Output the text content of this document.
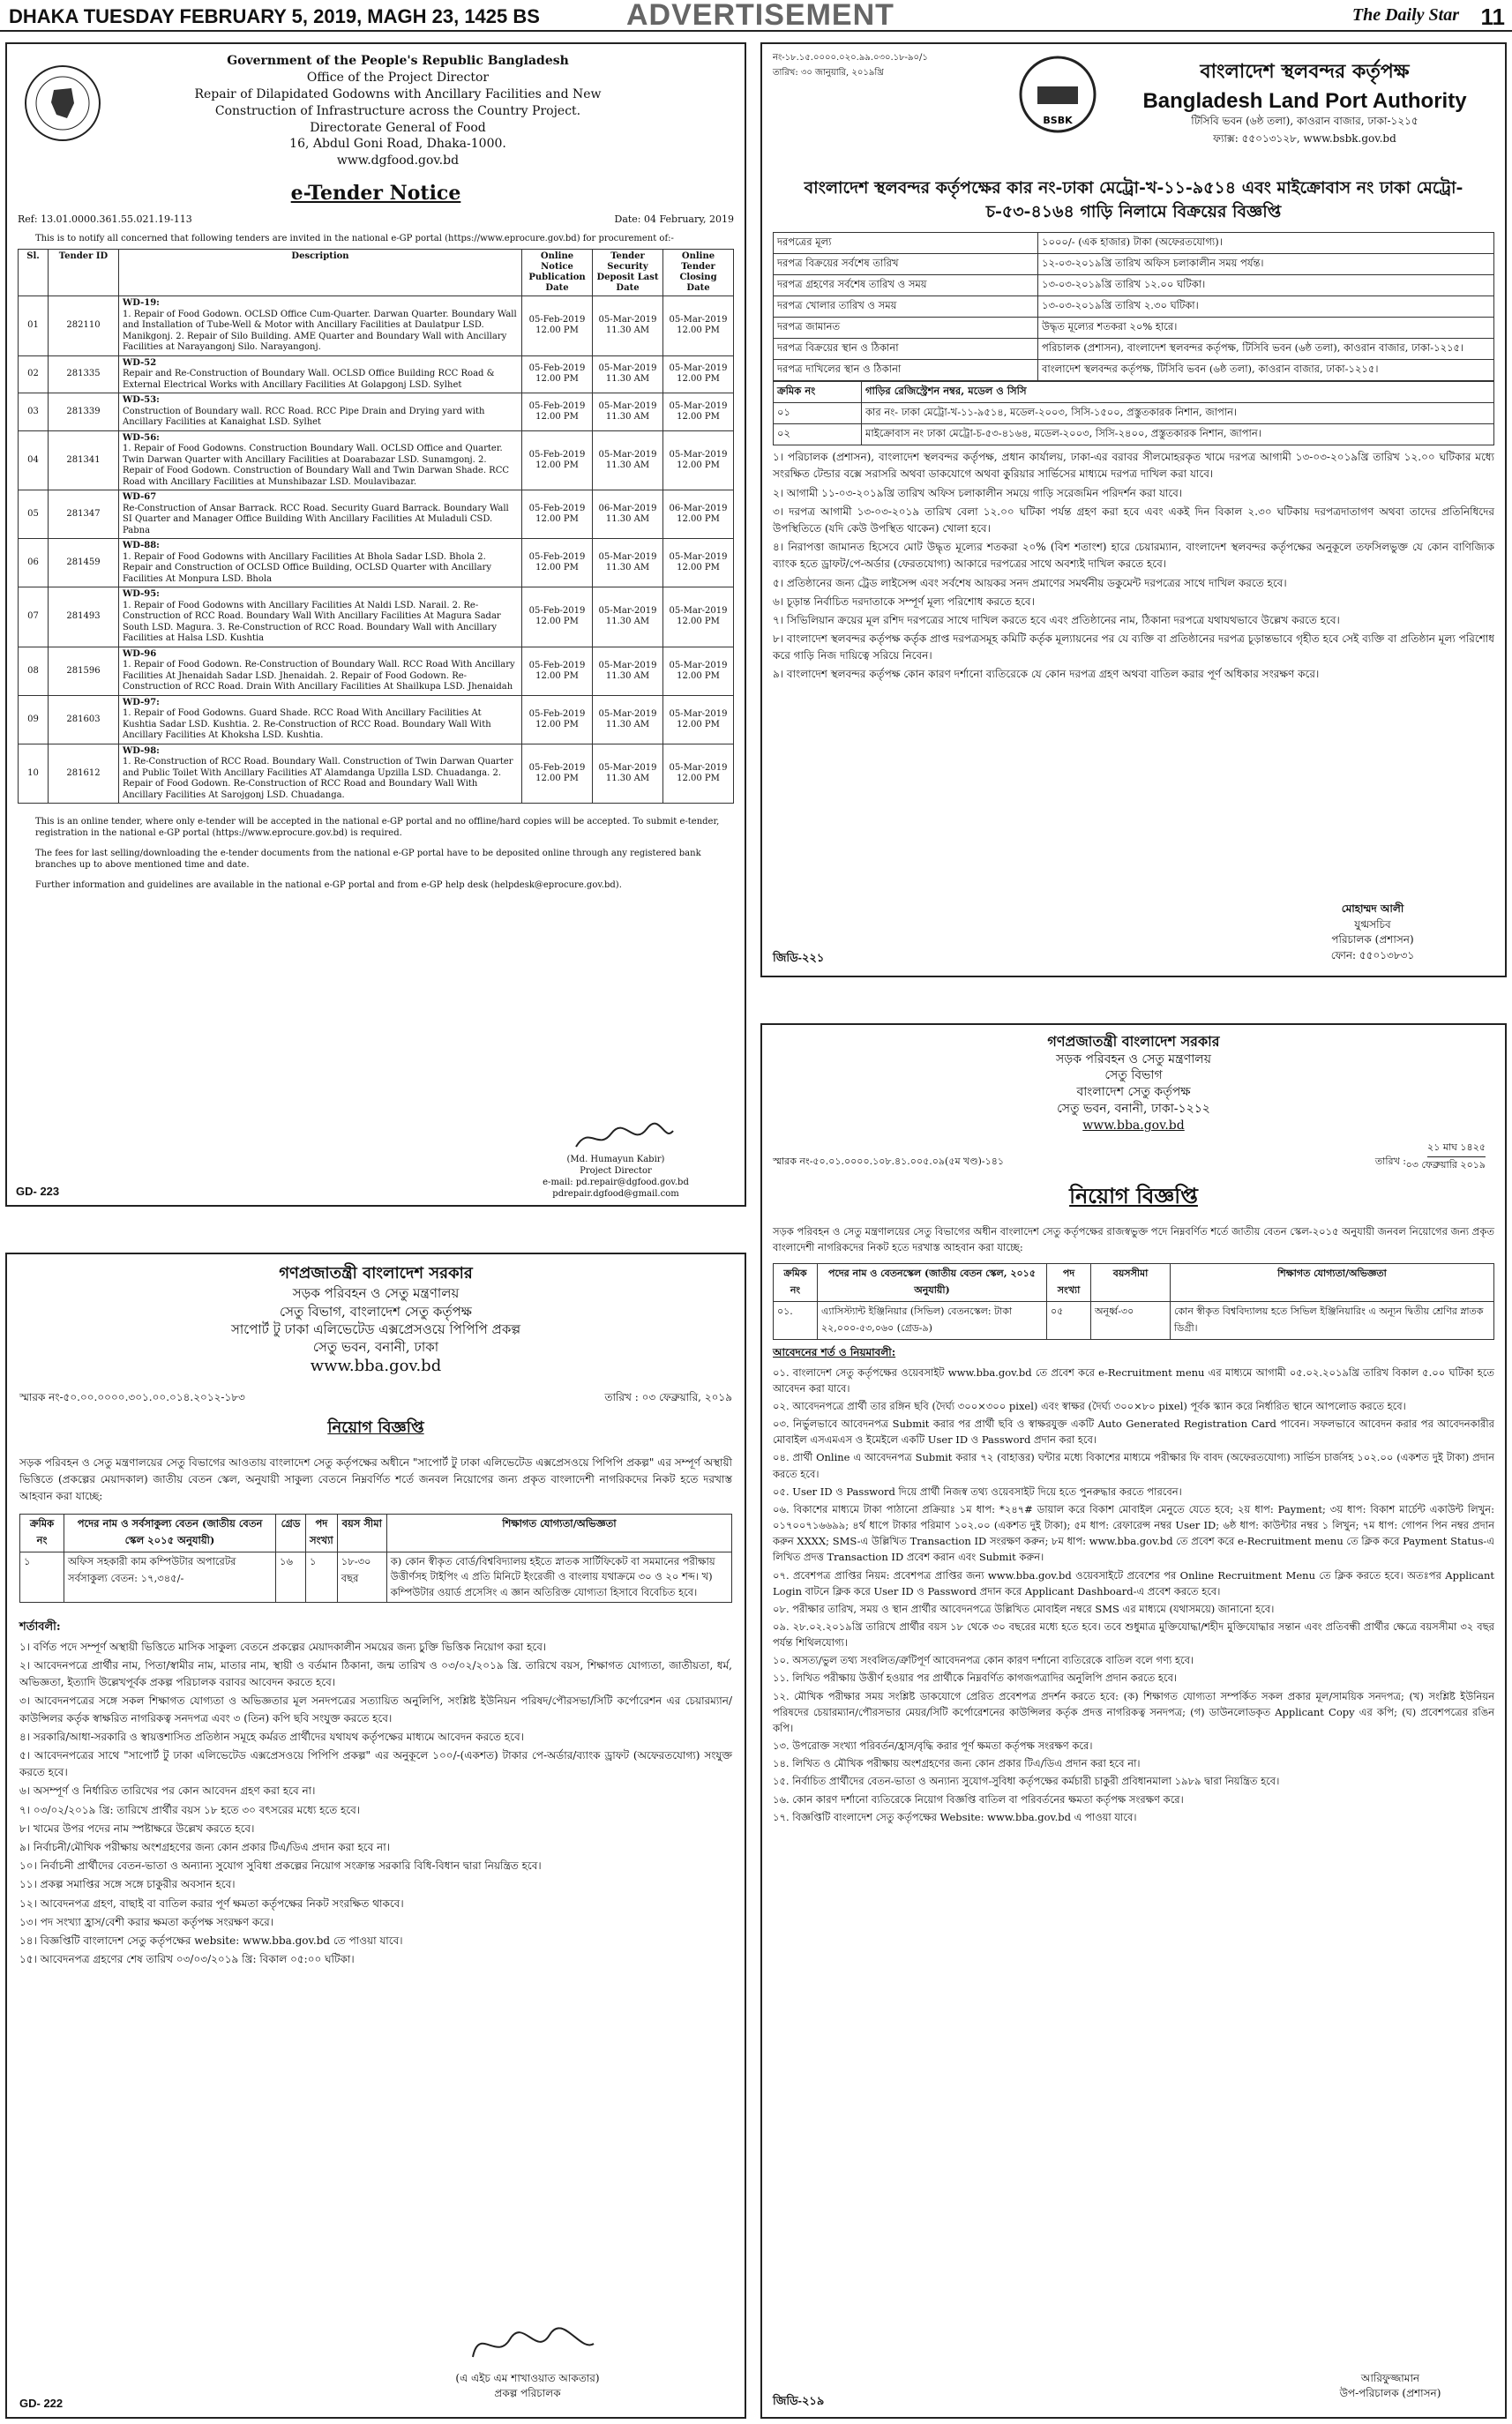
DHAKA TUESDAY FEBRUARY 5, 2019, MAGH 23, 1425 BS	ADVERTISEMENT	The Daily Star 11
Government of the People's Republic Bangladesh
Office of the Project Director
Repair of Dilapidated Godowns with Ancillary Facilities and New
Construction of Infrastructure across the Country Project.
Directorate General of Food
16, Abdul Goni Road, Dhaka-1000.
www.dgfood.gov.bd
e-Tender Notice
Ref: 13.01.0000.361.55.021.19-113	Date: 04 February, 2019
This is to notify all concerned that following tenders are invited in the national e-GP portal (https://www.eprocure.gov.bd) for procurement of:-
Sl.	Tender ID	Description	Online Notice Publication Date	Tender Security Deposit Last Date	Online Tender Closing Date
01	282110	WD-19:
1. Repair of Food Godown. OCLSD Office Cum-Quarter. Darwan Quarter. Boundary Wall and Installation of Tube-Well & Motor with Ancillary Facilities at Daulatpur LSD. Manikgonj. 2. Repair of Silo Building. AME Quarter and Boundary Wall with Ancillary Facilities at Narayangonj Silo. Narayangonj.	05-Feb-2019 12.00 PM	05-Mar-2019 11.30 AM	05-Mar-2019 12.00 PM
02	281335	WD-52
Repair and Re-Construction of Boundary Wall. OCLSD Office Building RCC Road & External Electrical Works with Ancillary Facilities At Golapgonj LSD. Sylhet	05-Feb-2019 12.00 PM	05-Mar-2019 11.30 AM	05-Mar-2019 12.00 PM
03	281339	WD-53:
Construction of Boundary wall. RCC Road. RCC Pipe Drain and Drying yard with Ancillary Facilities at Kanaighat LSD. Sylhet	05-Feb-2019 12.00 PM	05-Mar-2019 11.30 AM	05-Mar-2019 12.00 PM
04	281341	WD-56:
1. Repair of Food Godowns. Construction Boundary Wall. OCLSD Office and Quarter. Twin Darwan Quarter with Ancillary Facilities at Doarabazar LSD. Sunamgonj. 2. Repair of Food Godown. Construction of Boundary Wall and Twin Darwan Shade. RCC Road with Ancillary Facilities at Munshibazar LSD. Moulavibazar.	05-Feb-2019 12.00 PM	05-Mar-2019 11.30 AM	05-Mar-2019 12.00 PM
05	281347	WD-67
Re-Construction of Ansar Barrack. RCC Road. Security Guard Barrack. Boundary Wall SI Quarter and Manager Office Building With Ancillary Facilities At Muladuli CSD. Pabna	05-Feb-2019 12.00 PM	06-Mar-2019 11.30 AM	06-Mar-2019 12.00 PM
06	281459	WD-88:
1. Repair of Food Godowns with Ancillary Facilities At Bhola Sadar LSD. Bhola 2. Repair and Construction of OCLSD Office Building, OCLSD Quarter with Ancillary Facilities At Monpura LSD. Bhola	05-Feb-2019 12.00 PM	05-Mar-2019 11.30 AM	05-Mar-2019 12.00 PM
07	281493	WD-95:
1. Repair of Food Godowns with Ancillary Facilities At Naldi LSD. Narail. 2. Re-Construction of RCC Road. Boundary Wall With Ancillary Facilities At Magura Sadar South LSD. Magura. 3. Re-Construction of RCC Road. Boundary Wall with Ancillary Facilities at Halsa LSD. Kushtia	05-Feb-2019 12.00 PM	05-Mar-2019 11.30 AM	05-Mar-2019 12.00 PM
08	281596	WD-96
1. Repair of Food Godown. Re-Construction of Boundary Wall. RCC Road With Ancillary Facilities At Jhenaidah Sadar LSD. Jhenaidah. 2. Repair of Food Godown. Re-Construction of RCC Road. Drain With Ancillary Facilities At Shailkupa LSD. Jhenaidah	05-Feb-2019 12.00 PM	05-Mar-2019 11.30 AM	05-Mar-2019 12.00 PM
09	281603	WD-97:
1. Repair of Food Godowns. Guard Shade. RCC Road With Ancillary Facilities At Kushtia Sadar LSD. Kushtia. 2. Re-Construction of RCC Road. Boundary Wall With Ancillary Facilities At Khoksha LSD. Kushtia.	05-Feb-2019 12.00 PM	05-Mar-2019 11.30 AM	05-Mar-2019 12.00 PM
10	281612	WD-98:
1. Re-Construction of RCC Road. Boundary Wall. Construction of Twin Darwan Quarter and Public Toilet With Ancillary Facilities AT Alamdanga Upzilla LSD. Chuadanga. 2. Repair of Food Godown. Re-Construction of RCC Road and Boundary Wall With Ancillary Facilities At Sarojgonj LSD. Chuadanga.	05-Feb-2019 12.00 PM	05-Mar-2019 11.30 AM	05-Mar-2019 12.00 PM

This is an online tender, where only e-tender will be accepted in the national e-GP portal and no offline/hard copies will be accepted. To submit e-tender, registration in the national e-GP portal (https://www.eprocure.gov.bd) is required.

The fees for last selling/downloading the e-tender documents from the national e-GP portal have to be deposited online through any registered bank branches up to above mentioned time and date.

Further information and guidelines are available in the national e-GP portal and from e-GP help desk (helpdesk@eprocure.gov.bd).

(Md. Humayun Kabir)
Project Director
e-mail: pd.repair@dgfood.gov.bd
pdrepair.dgfood@gmail.com
GD- 223
নং-১৮.১৫.০০০০.০২০.৯৯.০৩০.১৮-৯০/১
তারিখ: ৩০ জানুয়ারি, ২০১৯খ্রি
BSBK
বাংলাদেশ স্থলবন্দর কর্তৃপক্ষ
Bangladesh Land Port Authority
টিসিবি ভবন (৬ষ্ঠ তলা), কাওরান বাজার, ঢাকা-১২১৫
ফ্যাক্স: ৫৫০১৩১২৮, www.bsbk.gov.bd
বাংলাদেশ স্থলবন্দর কর্তৃপক্ষের কার নং-ঢাকা মেট্রো-খ-১১-৯৫১৪ এবং মাইক্রোবাস নং ঢাকা মেট্রো-চ-৫৩-৪১৬৪ গাড়ি নিলামে বিক্রয়ের বিজ্ঞপ্তি
দরপত্রের মূল্য	১০০০/- (এক হাজার) টাকা (অফেরতযোগ্য)।
দরপত্র বিক্রয়ের সর্বশেষ তারিখ	১২-০৩-২০১৯খ্রি তারিখ অফিস চলাকালীন সময় পর্যন্ত।
দরপত্র গ্রহণের সর্বশেষ তারিখ ও সময়	১৩-০৩-২০১৯খ্রি তারিখ ১২.০০ ঘটিকা।
দরপত্র খোলার তারিখ ও সময়	১৩-০৩-২০১৯খ্রি তারিখ ২.৩০ ঘটিকা।
দরপত্র জামানত	উদ্ধৃত মূল্যের শতকরা ২০% হারে।
দরপত্র বিক্রয়ের স্থান ও ঠিকানা	পরিচালক (প্রশাসন), বাংলাদেশ স্থলবন্দর কর্তৃপক্ষ, টিসিবি ভবন (৬ষ্ঠ তলা), কাওরান বাজার, ঢাকা-১২১৫।
দরপত্র দাখিলের স্থান ও ঠিকানা	বাংলাদেশ স্থলবন্দর কর্তৃপক্ষ, টিসিবি ভবন (৬ষ্ঠ তলা), কাওরান বাজার, ঢাকা-১২১৫।
ক্রমিক নং	গাড়ির রেজিস্ট্রেশন নম্বর, মডেল ও সিসি
০১	কার নং- ঢাকা মেট্রো-খ-১১-৯৫১৪, মডেল-২০০৩, সিসি-১৫০০, প্রস্তুতকারক নিশান, জাপান।
০২	মাইক্রোবাস নং ঢাকা মেট্রো-চ-৫৩-৪১৬৪, মডেল-২০০৩, সিসি-২৪০০, প্রস্তুতকারক নিশান, জাপান।

১। পরিচালক (প্রশাসন), বাংলাদেশ স্থলবন্দর কর্তৃপক্ষ, প্রধান কার্যালয়, ঢাকা-এর বরাবর সীলমোহরকৃত খামে দরপত্র আগামী ১৩-০৩-২০১৯খ্রি তারিখ ১২.০০ ঘটিকার মধ্যে সংরক্ষিত টেন্ডার বক্সে সরাসরি অথবা ডাকযোগে অথবা কুরিয়ার সার্ভিসের মাধ্যমে দরপত্র দাখিল করা যাবে।

২। আগামী ১১-০৩-২০১৯খ্রি তারিখ অফিস চলাকালীন সময়ে গাড়ি সরেজমিন পরিদর্শন করা যাবে।

৩। দরপত্র আগামী ১৩-০৩-২০১৯ তারিখ বেলা ১২.০০ ঘটিকা পর্যন্ত গ্রহণ করা হবে এবং একই দিন বিকাল ২.৩০ ঘটিকায় দরপত্রদাতাগণ অথবা তাদের প্রতিনিধিদের উপস্থিতিতে (যদি কেউ উপস্থিত থাকেন) খোলা হবে।

৪। নিরাপত্তা জামানত হিসেবে মোট উদ্ধৃত মূল্যের শতকরা ২০% (বিশ শতাংশ) হারে চেয়ারম্যান, বাংলাদেশ স্থলবন্দর কর্তৃপক্ষের অনুকূলে তফসিলভুক্ত যে কোন বাণিজ্যিক ব্যাংক হতে ড্রাফট/পে-অর্ডার (ফেরতযোগ্য) আকারে দরপত্রের সাথে অবশ্যই দাখিল করতে হবে।

৫। প্রতিষ্ঠানের জন্য ট্রেড লাইসেন্স এবং সর্বশেষ আয়কর সনদ প্রমাণের সমর্থনীয় ডকুমেন্ট দরপত্রের সাথে দাখিল করতে হবে।

৬। চূড়ান্ত নির্বাচিত দরদাতাকে সম্পূর্ণ মূল্য পরিশোধ করতে হবে।

৭। সিভিলিয়ান ক্রয়ের মূল রশিদ দরপত্রের সাথে দাখিল করতে হবে এবং প্রতিষ্ঠানের নাম, ঠিকানা দরপত্রে যথাযথভাবে উল্লেখ করতে হবে।

৮। বাংলাদেশ স্থলবন্দর কর্তৃপক্ষ কর্তৃক প্রাপ্ত দরপত্রসমূহ কমিটি কর্তৃক মূল্যায়নের পর যে ব্যক্তি বা প্রতিষ্ঠানের দরপত্র চূড়ান্তভাবে গৃহীত হবে সেই ব্যক্তি বা প্রতিষ্ঠান মূল্য পরিশোধ করে গাড়ি নিজ দায়িত্বে সরিয়ে নিবেন।

৯। বাংলাদেশ স্থলবন্দর কর্তৃপক্ষ কোন কারণ দর্শানো ব্যতিরেকে যে কোন দরপত্র গ্রহণ অথবা বাতিল করার পূর্ণ অধিকার সংরক্ষণ করে।

মোহাম্মদ আলী
যুগ্মসচিব
পরিচালক (প্রশাসন)
ফোন: ৫৫০১৩৮৩১
জিডি-২২১
গণপ্রজাতন্ত্রী বাংলাদেশ সরকার
সড়ক পরিবহন ও সেতু মন্ত্রণালয়
সেতু বিভাগ, বাংলাদেশ সেতু কর্তৃপক্ষ
সাপোর্ট টু ঢাকা এলিভেটেড এক্সপ্রেসওয়ে পিপিপি প্রকল্প
সেতু ভবন, বনানী, ঢাকা
www.bba.gov.bd
স্মারক নং-৫০.০০.০০০০.৩০১.০০.০১৪.২০১২-১৮৩	তারিখ : ০৩ ফেব্রুয়ারি, ২০১৯
নিয়োগ বিজ্ঞপ্তি
সড়ক পরিবহন ও সেতু মন্ত্রণালয়ের সেতু বিভাগের আওতায় বাংলাদেশ সেতু কর্তৃপক্ষের অধীনে "সাপোর্ট টু ঢাকা এলিভেটেড এক্সপ্রেসওয়ে পিপিপি প্রকল্প" এর সম্পূর্ণ অস্থায়ী ভিত্তিতে (প্রকল্পের মেয়াদকাল) জাতীয় বেতন স্কেল, অনুযায়ী সাকুল্য বেতনে নিম্নবর্ণিত শর্তে জনবল নিয়োগের জন্য প্রকৃত বাংলাদেশী নাগরিকদের নিকট হতে দরখাস্ত আহবান করা যাচ্ছে:
ক্রমিক নং	পদের নাম ও সর্বসাকুল্য বেতন (জাতীয় বেতন স্কেল ২০১৫ অনুযায়ী)	গ্রেড	পদ সংখ্যা	বয়স সীমা	শিক্ষাগত যোগ্যতা/অভিজ্ঞতা
১	অফিস সহকারী কাম কম্পিউটার অপারেটর সর্বসাকুল্য বেতন: ১৭,৩৪৫/-	১৬	১	১৮-৩০ বছর	ক) কোন স্বীকৃত বোর্ড/বিশ্ববিদ্যালয় হইতে স্নাতক সার্টিফিকেট বা সমমানের পরীক্ষায় উত্তীর্ণসহ টাইপিং এ প্রতি মিনিটে ইংরেজী ও বাংলায় যথাক্রমে ৩০ ও ২০ শব্দ। খ) কম্পিউটার ওয়ার্ড প্রসেসিং এ জ্ঞান অতিরিক্ত যোগ্যতা হিসাবে বিবেচিত হবে।
শর্তাবলী:

১। বর্ণিত পদে সম্পূর্ণ অস্থায়ী ভিত্তিতে মাসিক সাকুল্য বেতনে প্রকল্পের মেয়াদকালীন সময়ের জন্য চুক্তি ভিত্তিক নিয়োগ করা হবে।

২। আবেদনপত্রে প্রার্থীর নাম, পিতা/স্বামীর নাম, মাতার নাম, স্থায়ী ও বর্তমান ঠিকানা, জন্ম তারিখ ও ০৩/০২/২০১৯ খ্রি. তারিখে বয়স, শিক্ষাগত যোগ্যতা, জাতীয়তা, ধর্ম, অভিজ্ঞতা, ইত্যাদি উল্লেখপূর্বক প্রকল্প পরিচালক বরাবর আবেদন করতে হবে।

৩। আবেদনপত্রের সঙ্গে সকল শিক্ষাগত যোগ্যতা ও অভিজ্ঞতার মূল সনদপত্রের সত্যায়িত অনুলিপি, সংশ্লিষ্ট ইউনিয়ন পরিষদ/পৌরসভা/সিটি কর্পোরেশন এর চেয়ারম্যান/কাউন্সিলর কর্তৃক স্বাক্ষরিত নাগরিকত্ব সনদপত্র এবং ৩ (তিন) কপি ছবি সংযুক্ত করতে হবে।

৪। সরকারি/আধা-সরকারি ও স্বায়ত্তশাসিত প্রতিষ্ঠান সমূহে কর্মরত প্রার্থীদের যথাযথ কর্তৃপক্ষের মাধ্যমে আবেদন করতে হবে।

৫। আবেদনপত্রের সাথে "সাপোর্ট টু ঢাকা এলিভেটেড এক্সপ্রেসওয়ে পিপিপি প্রকল্প" এর অনুকূলে ১০০/-(একশত) টাকার পে-অর্ডার/ব্যাংক ড্রাফট (অফেরতযোগ্য) সংযুক্ত করতে হবে।

৬। অসম্পূর্ণ ও নির্ধারিত তারিখের পর কোন আবেদন গ্রহণ করা হবে না।

৭। ০৩/০২/২০১৯ খ্রি: তারিখে প্রার্থীর বয়স ১৮ হতে ৩০ বৎসরের মধ্যে হতে হবে।

৮। খামের উপর পদের নাম স্পষ্টাক্ষরে উল্লেখ করতে হবে।

৯। নির্বাচনী/মৌখিক পরীক্ষায় অংশগ্রহণের জন্য কোন প্রকার টিএ/ডিএ প্রদান করা হবে না।

১০। নির্বাচনী প্রার্থীদের বেতন-ভাতা ও অন্যান্য সুযোগ সুবিধা প্রকল্পের নিয়োগ সংক্রান্ত সরকারি বিধি-বিধান দ্বারা নিয়ন্ত্রিত হবে।

১১। প্রকল্প সমাপ্তির সঙ্গে সঙ্গে চাকুরীর অবসান হবে।

১২। আবেদনপত্র গ্রহণ, বাছাই বা বাতিল করার পূর্ণ ক্ষমতা কর্তৃপক্ষের নিকট সংরক্ষিত থাকবে।

১৩। পদ সংখ্যা হ্রাস/বেশী করার ক্ষমতা কর্তৃপক্ষ সংরক্ষণ করে।

১৪। বিজ্ঞপ্তিটি বাংলাদেশ সেতু কর্তৃপক্ষের website: www.bba.gov.bd তে পাওয়া যাবে।

১৫। আবেদনপত্র গ্রহণের শেষ তারিখ ০৩/০৩/২০১৯ খ্রি: বিকাল ০৫:০০ ঘটিকা।

(এ এইচ এম শাখাওয়াত আকতার)
প্রকল্প পরিচালক
GD- 222
গণপ্রজাতন্ত্রী বাংলাদেশ সরকার
সড়ক পরিবহন ও সেতু মন্ত্রণালয়
সেতু বিভাগ
বাংলাদেশ সেতু কর্তৃপক্ষ
সেতু ভবন, বনানী, ঢাকা-১২১২
www.bba.gov.bd
স্মারক নং-৫০.০১.০০০০.১০৮.৪১.০০৫.০৯(৫ম খণ্ড)-১৪১	তারিখ :
২১ মাঘ ১৪২৫
০৩ ফেব্রুয়ারি ২০১৯
নিয়োগ বিজ্ঞপ্তি
সড়ক পরিবহন ও সেতু মন্ত্রণালয়ের সেতু বিভাগের অধীন বাংলাদেশ সেতু কর্তৃপক্ষের রাজস্বভুক্ত পদে নিম্নবর্ণিত শর্তে জাতীয় বেতন স্কেল-২০১৫ অনুযায়ী জনবল নিয়োগের জন্য প্রকৃত বাংলাদেশী নাগরিকদের নিকট হতে দরখাস্ত আহবান করা যাচ্ছে:
ক্রমিক নং	পদের নাম ও বেতনস্কেল (জাতীয় বেতন স্কেল, ২০১৫ অনুযায়ী)	পদ সংখ্যা	বয়সসীমা	শিক্ষাগত যোগ্যতা/অভিজ্ঞতা
০১.	এ্যাসিস্ট্যান্ট ইঞ্জিনিয়ার (সিভিল) বেতনস্কেল: টাকা ২২,০০০-৫৩,০৬০ (গ্রেড-৯)	০৫	অনূর্ধ্ব-৩০	কোন স্বীকৃত বিশ্ববিদ্যালয় হতে সিভিল ইঞ্জিনিয়ারিং এ অন্যূন দ্বিতীয় শ্রেণির স্নাতক ডিগ্রী।
আবেদনের শর্ত ও নিয়মাবলী:

০১. বাংলাদেশ সেতু কর্তৃপক্ষের ওয়েবসাইট www.bba.gov.bd তে প্রবেশ করে e-Recruitment menu এর মাধ্যমে আগামী ০৫.০২.২০১৯খ্রি তারিখ বিকাল ৫.০০ ঘটিকা হতে আবেদন করা যাবে।

০২. আবেদনপত্রে প্রার্থী তার রঙ্গিন ছবি (দৈর্ঘ্য ৩০০×৩০০ pixel) এবং স্বাক্ষর (দৈর্ঘ্য ৩০০×৮০ pixel) পূর্বক স্ক্যান করে নির্ধারিত স্থানে আপলোড করতে হবে।

০৩. নির্ভুলভাবে আবেদনপত্র Submit করার পর প্রার্থী ছবি ও স্বাক্ষরযুক্ত একটি Auto Generated Registration Card পাবেন। সফলভাবে আবেদন করার পর আবেদনকারীর মোবাইল এসএমএস ও ইমেইলে একটি User ID ও Password প্রদান করা হবে।

০৪. প্রার্থী Online এ আবেদনপত্র Submit করার ৭২ (বাহাত্তর) ঘন্টার মধ্যে বিকাশের মাধ্যমে পরীক্ষার ফি বাবদ (অফেরতযোগ্য) সার্ভিস চার্জসহ ১০২.০০ (একশত দুই টাকা) প্রদান করতে হবে।

০৫. User ID ও Password দিয়ে প্রার্থী নিজস্ব তথ্য ওয়েবসাইট দিয়ে হতে পুনরুদ্ধার করতে পারবেন।

০৬. বিকাশের মাধ্যমে টাকা পাঠানো প্রক্রিয়াঃ ১ম ধাপ: *২৪৭# ডায়াল করে বিকাশ মোবাইল মেনুতে যেতে হবে; ২য় ধাপ: Payment; ৩য় ধাপ: বিকাশ মার্চেন্ট একাউন্ট লিখুন: ০১৭০০৭১৬৬৯৯; ৪র্থ ধাপে টাকার পরিমাণ ১০২.০০ (একশত দুই টাকা); ৫ম ধাপ: রেফারেন্স নম্বর User ID; ৬ষ্ঠ ধাপ: কাউন্টার নম্বর ১ লিখুন; ৭ম ধাপ: গোপন পিন নম্বর প্রদান করুন XXXX; SMS-এ উল্লিখিত Transaction ID সংরক্ষণ করুন; ৮ম ধাপ: www.bba.gov.bd তে প্রবেশ করে e-Recruitment menu তে ক্লিক করে Payment Status-এ লিখিত প্রদত্ত Transaction ID প্রবেশ করান এবং Submit করুন।

০৭. প্রবেশপত্র প্রাপ্তির নিয়ম: প্রবেশপত্র প্রাপ্তির জন্য www.bba.gov.bd ওয়েবসাইটে প্রবেশের পর Online Recruitment Menu তে ক্লিক করতে হবে। অতঃপর Applicant Login বাটনে ক্লিক করে User ID ও Password প্রদান করে Applicant Dashboard-এ প্রবেশ করতে হবে।

০৮. পরীক্ষার তারিখ, সময় ও স্থান প্রার্থীর আবেদনপত্রে উল্লিখিত মোবাইল নম্বরে SMS এর মাধ্যমে (যথাসময়ে) জানানো হবে।

০৯. ২৮.০২.২০১৯খ্রি তারিখে প্রার্থীর বয়স ১৮ থেকে ৩০ বছরের মধ্যে হতে হবে। তবে শুধুমাত্র মুক্তিযোদ্ধা/শহীদ মুক্তিযোদ্ধার সন্তান এবং প্রতিবন্ধী প্রার্থীর ক্ষেত্রে বয়সসীমা ৩২ বছর পর্যন্ত শিথিলযোগ্য।

১০. অসত্য/ভুল তথ্য সংবলিত/ত্রুটিপূর্ণ আবেদনপত্র কোন কারণ দর্শানো ব্যতিরেকে বাতিল বলে গণ্য হবে।

১১. লিখিত পরীক্ষায় উত্তীর্ণ হওয়ার পর প্রার্থীকে নিম্নবর্ণিত কাগজপত্রাদির অনুলিপি প্রদান করতে হবে।

১২. মৌখিক পরীক্ষার সময় সংশ্লিষ্ট ডাকযোগে প্রেরিত প্রবেশপত্র প্রদর্শন করতে হবে: (ক) শিক্ষাগত যোগ্যতা সম্পর্কিত সকল প্রকার মূল/সাময়িক সনদপত্র; (খ) সংশ্লিষ্ট ইউনিয়ন পরিষদের চেয়ারম্যান/পৌরসভার মেয়র/সিটি কর্পোরেশনের কাউন্সিলর কর্তৃক প্রদত্ত নাগরিকত্ব সনদপত্র; (গ) ডাউনলোডকৃত Applicant Copy এর কপি; (ঘ) প্রবেশপত্রের রঙিন কপি।

১৩. উপরোক্ত সংখ্যা পরিবর্তন/হ্রাস/বৃদ্ধি করার পূর্ণ ক্ষমতা কর্তৃপক্ষ সংরক্ষণ করে।

১৪. লিখিত ও মৌখিক পরীক্ষায় অংশগ্রহণের জন্য কোন প্রকার টিএ/ডিএ প্রদান করা হবে না।

১৫. নির্বাচিত প্রার্থীদের বেতন-ভাতা ও অন্যান্য সুযোগ-সুবিধা কর্তৃপক্ষের কর্মচারী চাকুরী প্রবিধানমালা ১৯৮৯ দ্বারা নিয়ন্ত্রিত হবে।

১৬. কোন কারণ দর্শানো ব্যতিরেকে নিয়োগ বিজ্ঞপ্তি বাতিল বা পরিবর্তনের ক্ষমতা কর্তৃপক্ষ সংরক্ষণ করে।

১৭. বিজ্ঞপ্তিটি বাংলাদেশ সেতু কর্তৃপক্ষের Website: www.bba.gov.bd এ পাওয়া যাবে।

আরিফুজ্জামান
উপ-পরিচালক (প্রশাসন)
জিডি-২১৯
